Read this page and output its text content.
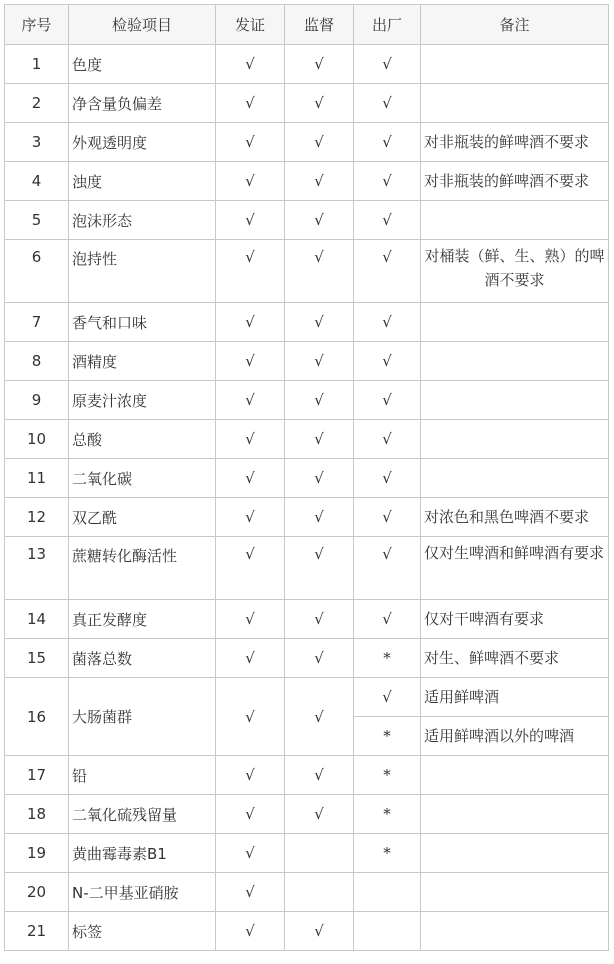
序号	检验项目	发证	监督	出厂	备注
1	色度	√	√	√	
2	净含量负偏差	√	√	√	
3	外观透明度	√	√	√	对非瓶装的鲜啤酒不要求
4	浊度	√	√	√	对非瓶装的鲜啤酒不要求
5	泡沫形态	√	√	√	
6	泡持性	√	√	√	对桶装（鲜、生、熟）的啤酒不要求
7	香气和口味	√	√	√	
8	酒精度	√	√	√	
9	原麦汁浓度	√	√	√	
10	总酸	√	√	√	
11	二氧化碳	√	√	√	
12	双乙酰	√	√	√	对浓色和黑色啤酒不要求
13	蔗糖转化酶活性	√	√	√	仅对生啤酒和鲜啤酒有要求
14	真正发酵度	√	√	√	仅对干啤酒有要求
15	菌落总数	√	√	*	对生、鲜啤酒不要求
16	大肠菌群	√	√	√	适用鲜啤酒
				*	适用鲜啤酒以外的啤酒
17	铅	√	√	*	
18	二氧化硫残留量	√	√	*	
19	黄曲霉毒素B1	√		*	
20	N-二甲基亚硝胺	√			
21	标签	√	√		
